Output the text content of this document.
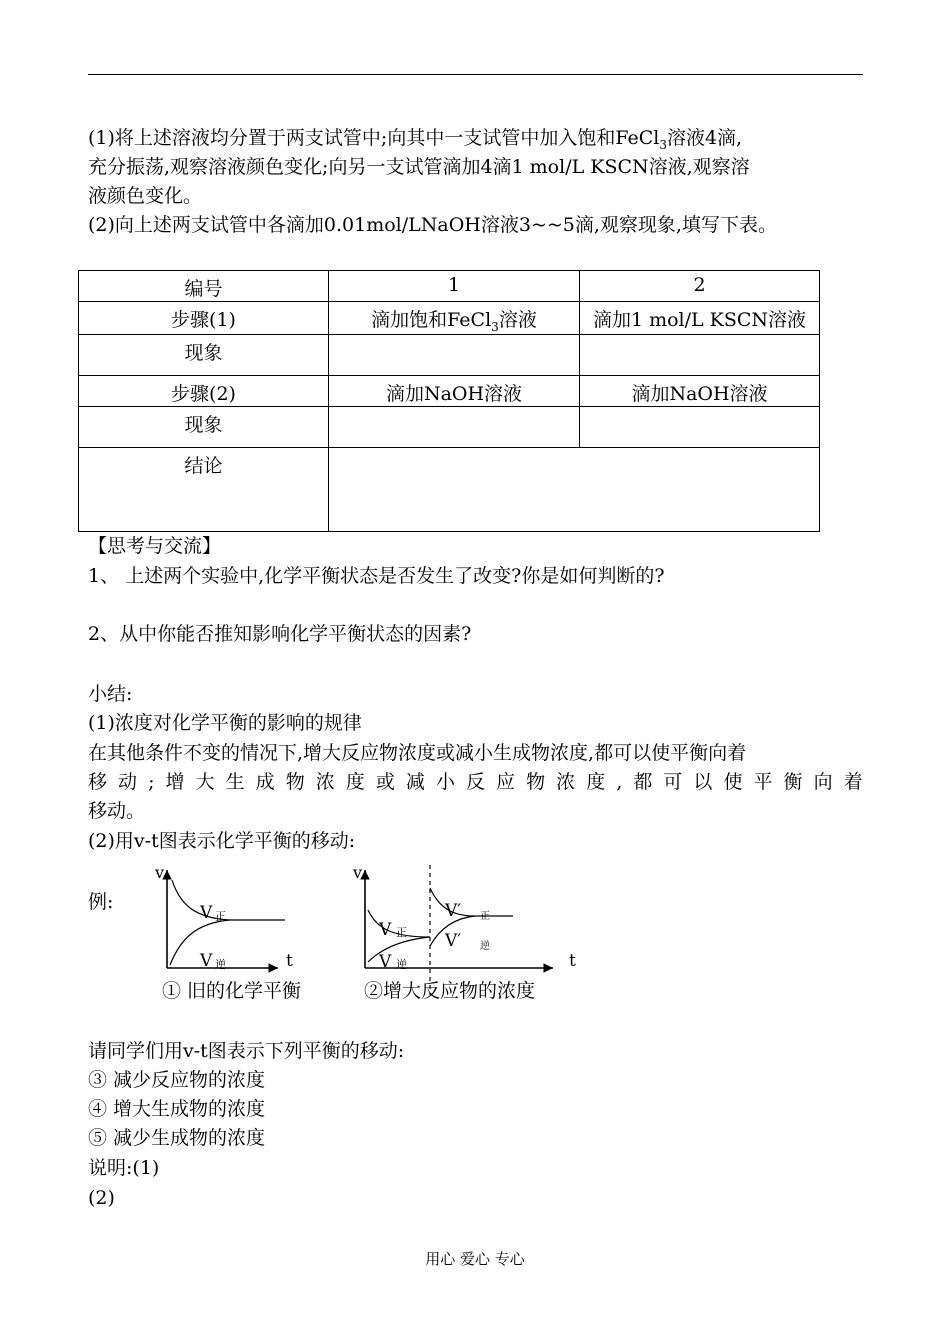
(1)将上述溶液均分置于两支试管中;向其中一支试管中加入饱和FeCl$_3$溶液4滴,
充分振荡,观察溶液颜色变化;向另一支试管滴加4滴1 mol/L KSCN溶液,观察溶
液颜色变化。
(2)向上述两支试管中各滴加0.01mol/LNaOH溶液3~~5滴,观察现象,填写下表。
编号	1	2
步骤(1)	滴加饱和FeCl$_3$溶液	滴加1 mol/L KSCN溶液
现象		
步骤(2)	滴加NaOH溶液	滴加NaOH溶液
现象		
结论		
【思考与交流】
1、 上述两个实验中,化学平衡状态是否发生了改变?你是如何判断的?
2、从中你能否推知影响化学平衡状态的因素?
小结:
(1)浓度对化学平衡的影响的规律
在其他条件不变的情况下,增大反应物浓度或减小生成物浓度,都可以使平衡向着
移 动 ; 增 大 生 成 物 浓 度 或 减 小 反 应 物 浓 度 , 都 可 以 使 平 衡 向 着
移动。
(2)用v-t图表示化学平衡的移动:
例:
v
t
V 正
V 逆
① 旧的化学平衡
v
t
V 正
V 逆
V′ 正
V′ 逆
②增大反应物的浓度
请同学们用v-t图表示下列平衡的移动:
③ 减少反应物的浓度
④ 增大生成物的浓度
⑤ 减少生成物的浓度
说明:(1)
(2)
用心 爱心 专心
